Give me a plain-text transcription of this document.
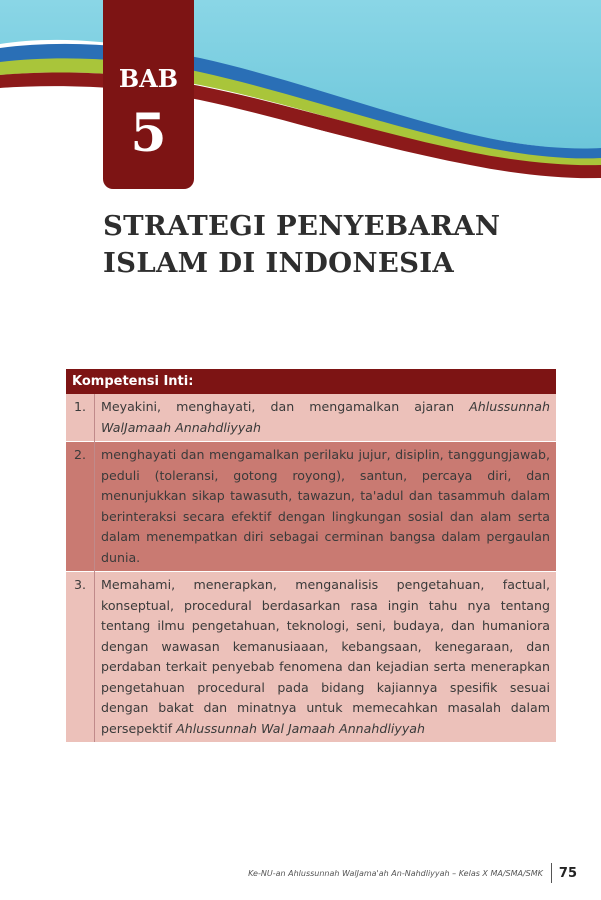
BAB
5
STRATEGI PENYEBARAN
ISLAM DI INDONESIA
Kompetensi Inti:	
1.	Meyakini, menghayati, dan mengamalkan ajaran Ahlussunnah WalJamaah Annahdliyyah
2.	menghayati dan mengamalkan perilaku jujur, disiplin, tanggungjawab, peduli (toleransi, gotong royong), santun, percaya diri, dan menunjukkan sikap tawasuth, tawazun, ta'adul dan tasammuh dalam berinteraksi secara efektif dengan lingkungan sosial dan alam serta dalam menempatkan diri sebagai cerminan bangsa dalam pergaulan dunia.
3.	Memahami, menerapkan, menganalisis pengetahuan, factual, konseptual, procedural berdasarkan rasa ingin tahu nya tentang tentang ilmu pengetahuan, teknologi, seni, budaya, dan humaniora dengan wawasan kemanusiaaan, kebangsaan, kenegaraan, dan perdaban terkait penyebab fenomena dan kejadian serta menerapkan pengetahuan procedural pada bidang kajiannya spesifik sesuai dengan bakat dan minatnya untuk memecahkan masalah dalam persepektif Ahlussunnah Wal Jamaah Annahdliyyah
Ke-NU-an Ahlussunnah WalJama'ah An-Nahdliyyah – Kelas X MA/SMA/SMK	75
